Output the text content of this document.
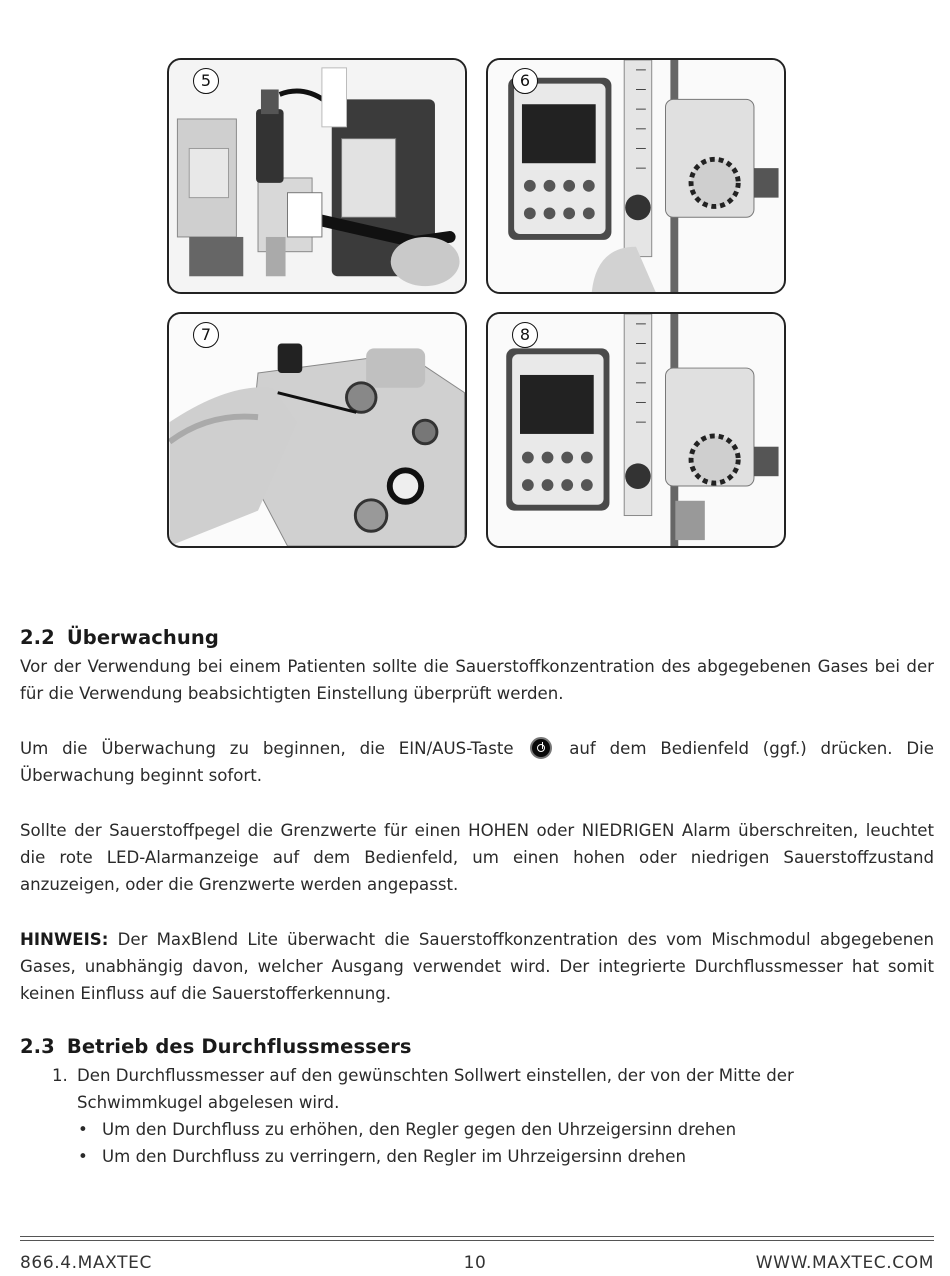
5	6
7	8
2.2 Überwachung

Vor der Verwendung bei einem Patienten sollte die Sauerstoffkonzentration des abgegebenen Gases bei der für die Verwendung beabsichtigten Einstellung überprüft werden.

Um die Überwachung zu beginnen, die EIN/AUS-Taste	auf dem Bedienfeld (ggf.) drücken. Die Überwachung beginnt sofort.

Sollte der Sauerstoffpegel die Grenzwerte für einen HOHEN oder NIEDRIGEN Alarm überschreiten, leuchtet die rote LED-Alarmanzeige auf dem Bedienfeld, um einen hohen oder niedrigen Sauerstoffzustand anzuzeigen, oder die Grenzwerte werden angepasst.

HINWEIS: Der MaxBlend Lite überwacht die Sauerstoffkonzentration des vom Mischmodul abgegebenen Gases, unabhängig davon, welcher Ausgang verwendet wird. Der integrierte Durchflussmesser hat somit keinen Einfluss auf die Sauerstofferkennung.

2.3 Betrieb des Durchflussmessers
1. Den Durchflussmesser auf den gewünschten Sollwert einstellen, der von der Mitte der
Schwimmkugel abgelesen wird.
• Um den Durchfluss zu erhöhen, den Regler gegen den Uhrzeigersinn drehen
• Um den Durchfluss zu verringern, den Regler im Uhrzeigersinn drehen
866.4.MAXTEC	10	WWW.MAXTEC.COM
